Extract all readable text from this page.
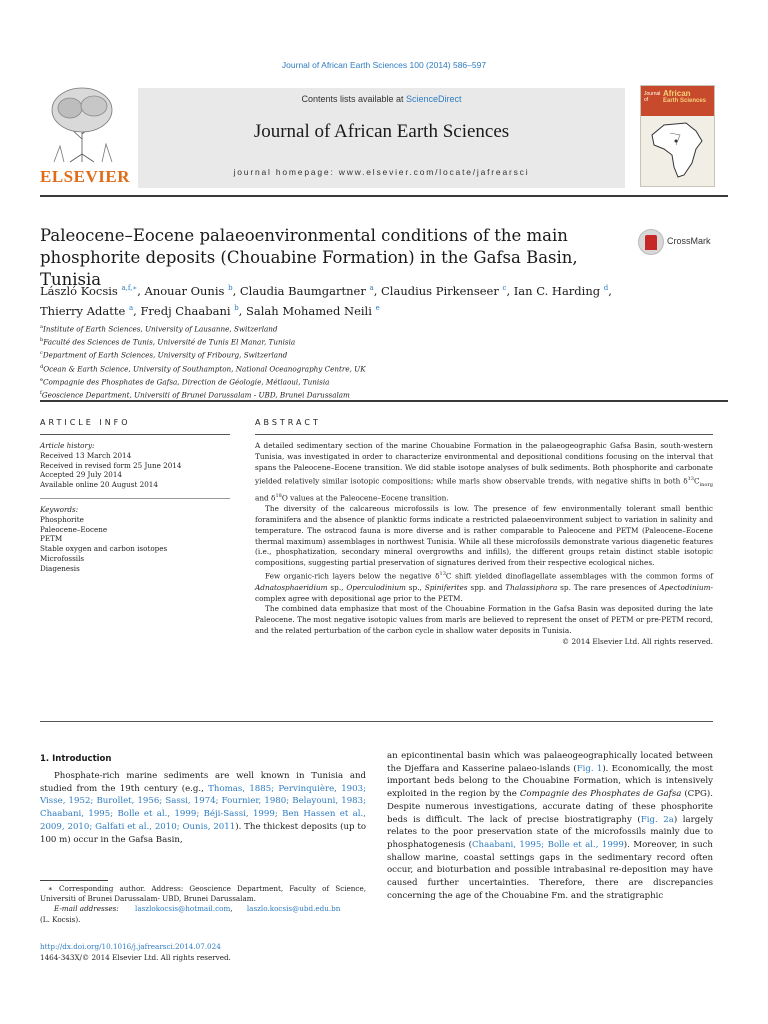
Journal of African Earth Sciences 100 (2014) 586–597
ELSEVIER
Contents lists available at ScienceDirect
Journal of African Earth Sciences
journal homepage: www.elsevier.com/locate/jafrearsci
Journal of
African
Earth Sciences
Paleocene–Eocene palaeoenvironmental conditions of the main
phosphorite deposits (Chouabine Formation) in the Gafsa Basin, Tunisia
CrossMark
László Kocsis $^{a,f,∗}$, Anouar Ounis $^b$, Claudia Baumgartner $^a$, Claudius Pirkenseer $^c$, Ian C. Harding $^d$,
Thierry Adatte $^a$, Fredj Chaabani $^b$, Salah Mohamed Neili $^e$
$^a$Institute of Earth Sciences, University of Lausanne, Switzerland
$^b$Faculté des Sciences de Tunis, Université de Tunis El Manar, Tunisia
$^c$Department of Earth Sciences, University of Fribourg, Switzerland
$^d$Ocean & Earth Science, University of Southampton, National Oceanography Centre, UK
$^e$Compagnie des Phosphates de Gafsa, Direction de Géologie, Métlaoui, Tunisia
$^f$Geoscience Department, Universiti of Brunei Darussalam - UBD, Brunei Darussalam
ARTICLE INFO	ABSTRACT
Article history:
Received 13 March 2014
Received in revised form 25 June 2014
Accepted 29 July 2014
Available online 20 August 2014
Keywords:
Phosphorite
Paleocene–Eocene
PETM
Stable oxygen and carbon isotopes
Microfossils
Diagenesis

A detailed sedimentary section of the marine Chouabine Formation in the palaeogeographic Gafsa Basin, south-western Tunisia, was investigated in order to characterize environmental and depositional conditions focusing on the interval that spans the Paleocene–Eocene transition. We did stable isotope analyses of bulk sediments. Both phosphorite and carbonate yielded relatively similar isotopic compositions; while marls show observable trends, with negative shifts in both $\delta^{13}C_{inorg}$ and $\delta^{18}O$ values at the Paleocene–Eocene transition.

The diversity of the calcareous microfossils is low. The presence of few environmentally tolerant small benthic foraminifera and the absence of planktic forms indicate a restricted palaeoenvironment subject to variation in salinity and temperature. The ostracod fauna is more diverse and is rather comparable to Paleocene and PETM (Paleocene–Eocene thermal maximum) assemblages in northwest Tunisia. While all these microfossils demonstrate various diagenetic features (i.e., phosphatization, secondary mineral overgrowths and infills), the different groups retain distinct stable isotopic compositions, suggesting partial preservation of signatures derived from their respective ecological niches.

Few organic-rich layers below the negative $\delta^{13}C$ shift yielded dinoflagellate assemblages with the common forms of Adnatosphaeridium sp., Operculodinium sp., Spiniferites spp. and Thalassiphora sp. The rare presences of Apectodinium-complex agree with depositional age prior to the PETM.

The combined data emphasize that most of the Chouabine Formation in the Gafsa Basin was deposited during the late Paleocene. The most negative isotopic values from marls are believed to represent the onset of PETM or pre-PETM record, and the related perturbation of the carbon cycle in shallow water deposits in Tunisia.

© 2014 Elsevier Ltd. All rights reserved.
1. Introduction

Phosphate-rich marine sediments are well known in Tunisia and studied from the 19th century (e.g., Thomas, 1885; Pervinquière, 1903; Visse, 1952; Burollet, 1956; Sassi, 1974; Fournier, 1980; Belayouni, 1983; Chaabani, 1995; Bolle et al., 1999; Béji-Sassi, 1999; Ben Hassen et al., 2009, 2010; Galfati et al., 2010; Ounis, 2011). The thickest deposits (up to 100 m) occur in the Gafsa Basin,

an epicontinental basin which was palaeogeographically located between the Djeffara and Kasserine palaeo-islands (Fig. 1). Economically, the most important beds belong to the Chouabine Formation, which is intensively exploited in the region by the Compagnie des Phosphates de Gafsa (CPG). Despite numerous investigations, accurate dating of these phosphorite beds is difficult. The lack of precise biostratigraphy (Fig. 2a) largely relates to the poor preservation state of the microfossils mainly due to phosphatogenesis (Chaabani, 1995; Bolle et al., 1999). Moreover, in such shallow marine, coastal settings gaps in the sedimentary record often occur, and bioturbation and possible intrabasinal re-deposition may have caused further uncertainties. Therefore, there are discrepancies concerning the age of the Chouabine Fm. and the stratigraphic

∗ Corresponding author. Address: Geoscience Department, Faculty of Science, Universiti of Brunei Darussalam- UBD, Brunei Darussalam.

E-mail addresses: laszlokocsis@hotmail.com, laszlo.kocsis@ubd.edu.bn

(L. Kocsis).

http://dx.doi.org/10.1016/j.jafrearsci.2014.07.024
1464-343X/© 2014 Elsevier Ltd. All rights reserved.
